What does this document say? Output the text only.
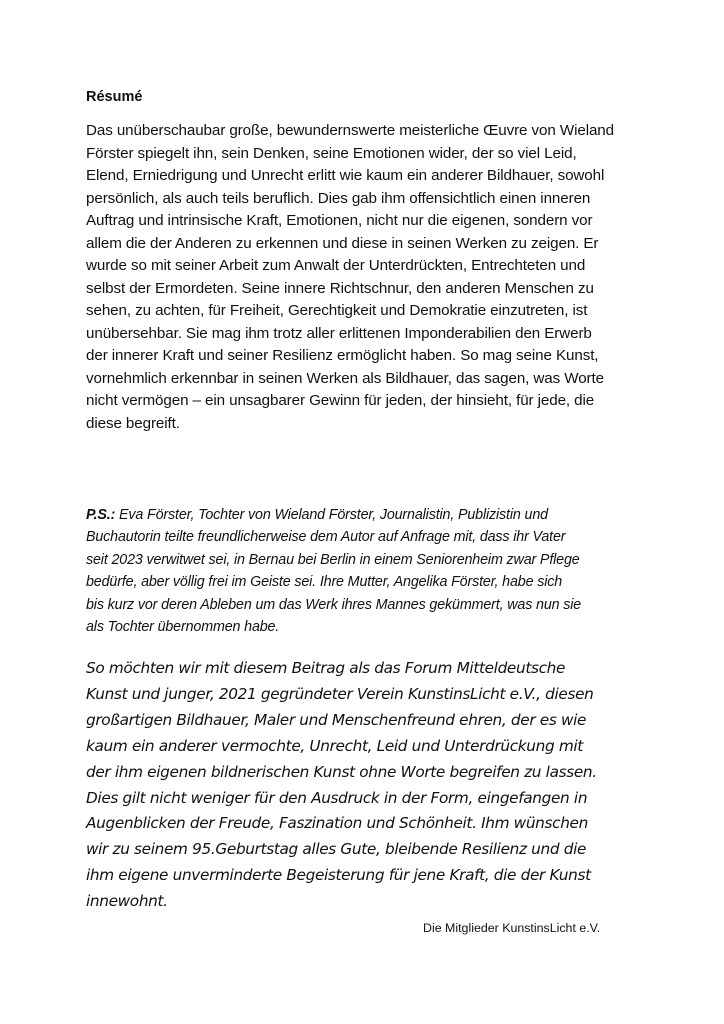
Résumé
Das unüberschaubar große, bewundernswerte meisterliche Œuvre von Wieland
Förster spiegelt ihn, sein Denken, seine Emotionen wider, der so viel Leid,
Elend, Erniedrigung und Unrecht erlitt wie kaum ein anderer Bildhauer, sowohl
persönlich, als auch teils beruflich. Dies gab ihm offensichtlich einen inneren
Auftrag und intrinsische Kraft, Emotionen, nicht nur die eigenen, sondern vor
allem die der Anderen zu erkennen und diese in seinen Werken zu zeigen. Er
wurde so mit seiner Arbeit zum Anwalt der Unterdrückten, Entrechteten und
selbst der Ermordeten. Seine innere Richtschnur, den anderen Menschen zu
sehen, zu achten, für Freiheit, Gerechtigkeit und Demokratie einzutreten, ist
unübersehbar. Sie mag ihm trotz aller erlittenen Imponderabilien den Erwerb
der innerer Kraft und seiner Resilienz ermöglicht haben. So mag seine Kunst,
vornehmlich erkennbar in seinen Werken als Bildhauer, das sagen, was Worte
nicht vermögen – ein unsagbarer Gewinn für jeden, der hinsieht, für jede, die
diese begreift.
P.S.: Eva Förster, Tochter von Wieland Förster, Journalistin, Publizistin und
Buchautorin teilte freundlicherweise dem Autor auf Anfrage mit, dass ihr Vater
seit 2023 verwitwet sei, in Bernau bei Berlin in einem Seniorenheim zwar Pflege
bedürfe, aber völlig frei im Geiste sei. Ihre Mutter, Angelika Förster, habe sich
bis kurz vor deren Ableben um das Werk ihres Mannes gekümmert, was nun sie
als Tochter übernommen habe.
So möchten wir mit diesem Beitrag als das Forum Mitteldeutsche
Kunst und junger, 2021 gegründeter Verein KunstinsLicht e.V., diesen
großartigen Bildhauer, Maler und Menschenfreund ehren, der es wie
kaum ein anderer vermochte, Unrecht, Leid und Unterdrückung mit
der ihm eigenen bildnerischen Kunst ohne Worte begreifen zu lassen.
Dies gilt nicht weniger für den Ausdruck in der Form, eingefangen in
Augenblicken der Freude, Faszination und Schönheit. Ihm wünschen
wir zu seinem 95.Geburtstag alles Gute, bleibende Resilienz und die
ihm eigene unverminderte Begeisterung für jene Kraft, die der Kunst
innewohnt.
Die Mitglieder KunstinsLicht e.V.
